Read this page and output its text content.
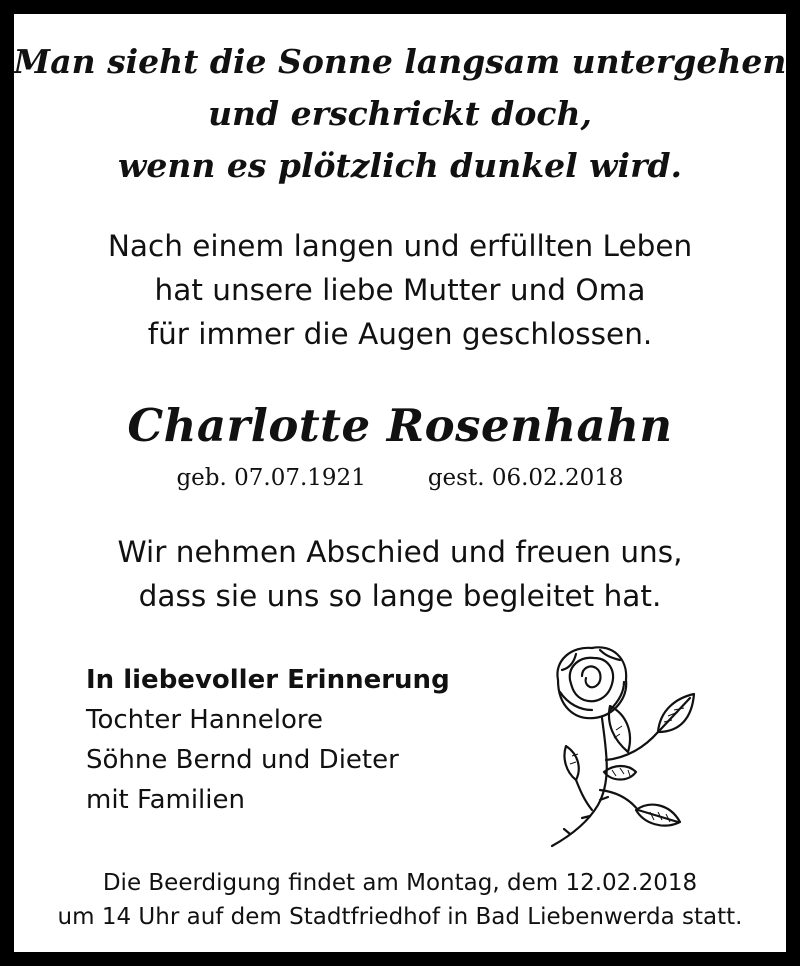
Man sieht die Sonne langsam untergehen
und erschrickt doch,
wenn es plötzlich dunkel wird.
Nach einem langen und erfüllten Leben
hat unsere liebe Mutter und Oma
für immer die Augen geschlossen.
Charlotte Rosenhahn
geb. 07.07.1921	gest. 06.02.2018
Wir nehmen Abschied und freuen uns,
dass sie uns so lange begleitet hat.
In liebevoller Erinnerung
Tochter Hannelore
Söhne Bernd und Dieter
mit Familien
Die Beerdigung findet am Montag, dem 12.02.2018
um 14 Uhr auf dem Stadtfriedhof in Bad Liebenwerda statt.
